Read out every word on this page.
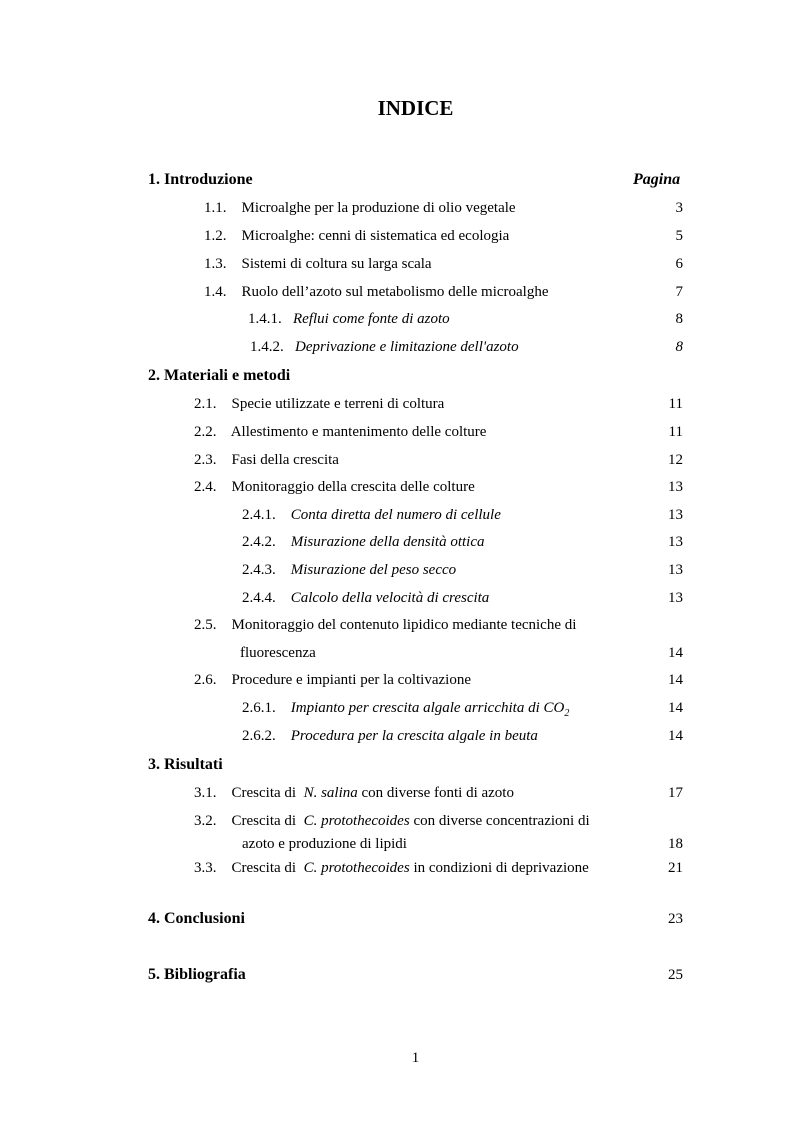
INDICE
1. Introduzione	Pagina
1.1. Microalghe per la produzione di olio vegetale	3
1.2. Microalghe: cenni di sistematica ed ecologia	5
1.3. Sistemi di coltura su larga scala	6
1.4. Ruolo dell’azoto sul metabolismo delle microalghe	7
1.4.1. Reflui come fonte di azoto	8
1.4.2. Deprivazione e limitazione dell'azoto	8
2. Materiali e metodi
2.1. Specie utilizzate e terreni di coltura	11
2.2. Allestimento e mantenimento delle colture	11
2.3. Fasi della crescita	12
2.4. Monitoraggio della crescita delle colture	13
2.4.1. Conta diretta del numero di cellule	13
2.4.2. Misurazione della densità ottica	13
2.4.3. Misurazione del peso secco	13
2.4.4. Calcolo della velocità di crescita	13
2.5. Monitoraggio del contenuto lipidico mediante tecniche di
fluorescenza	14
2.6. Procedure e impianti per la coltivazione	14
2.6.1. Impianto per crescita algale arricchita di $CO_2$	14
2.6.2. Procedura per la crescita algale in beuta	14
3. Risultati
3.1. Crescita di N. salina con diverse fonti di azoto	17
3.2. Crescita di C. protothecoides con diverse concentrazioni di
azoto e produzione di lipidi	18
3.3. Crescita di C. protothecoides in condizioni di deprivazione	21
4. Conclusioni	23
5. Bibliografia	25
1
